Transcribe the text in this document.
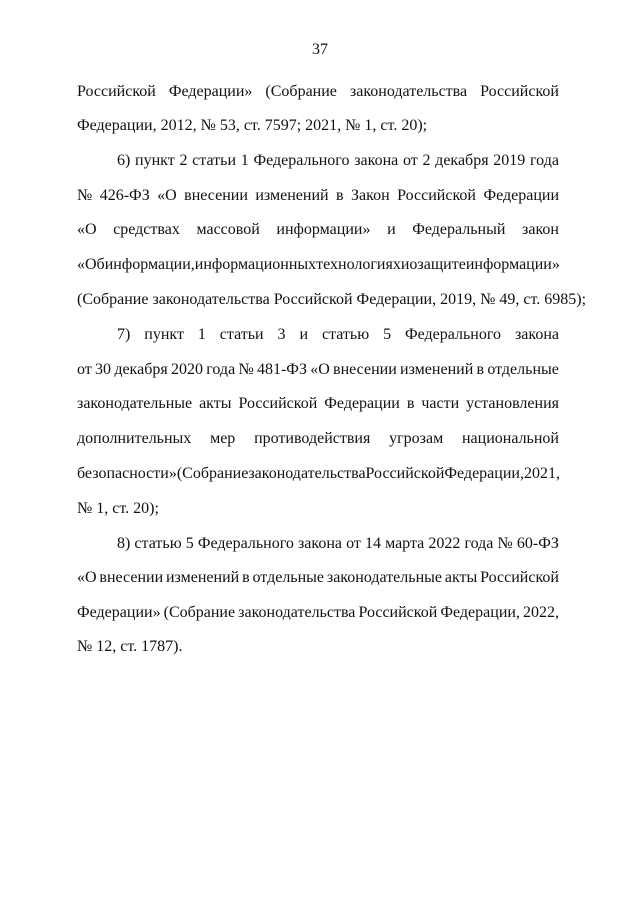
37
Российской Федерации» (Собрание законодательства Российской
Федерации, 2012, № 53, ст. 7597; 2021, № 1, ст. 20);
6) пункт 2 статьи 1 Федерального закона от 2 декабря 2019 года
№ 426-ФЗ «О внесении изменений в Закон Российской Федерации
«О средствах массовой информации» и Федеральный закон
«Об информации, информационных технологиях и о защите информации»
(Собрание законодательства Российской Федерации, 2019, № 49, ст. 6985);
7) пункт 1 статьи 3 и статью 5 Федерального закона
от 30 декабря 2020 года № 481-ФЗ «О внесении изменений в отдельные
законодательные акты Российской Федерации в части установления
дополнительных мер противодействия угрозам национальной
безопасности» (Собрание законодательства Российской Федерации, 2021,
№ 1, ст. 20);
8) статью 5 Федерального закона от 14 марта 2022 года № 60-ФЗ
«О внесении изменений в отдельные законодательные акты Российской
Федерации» (Собрание законодательства Российской Федерации, 2022,
№ 12, ст. 1787).
